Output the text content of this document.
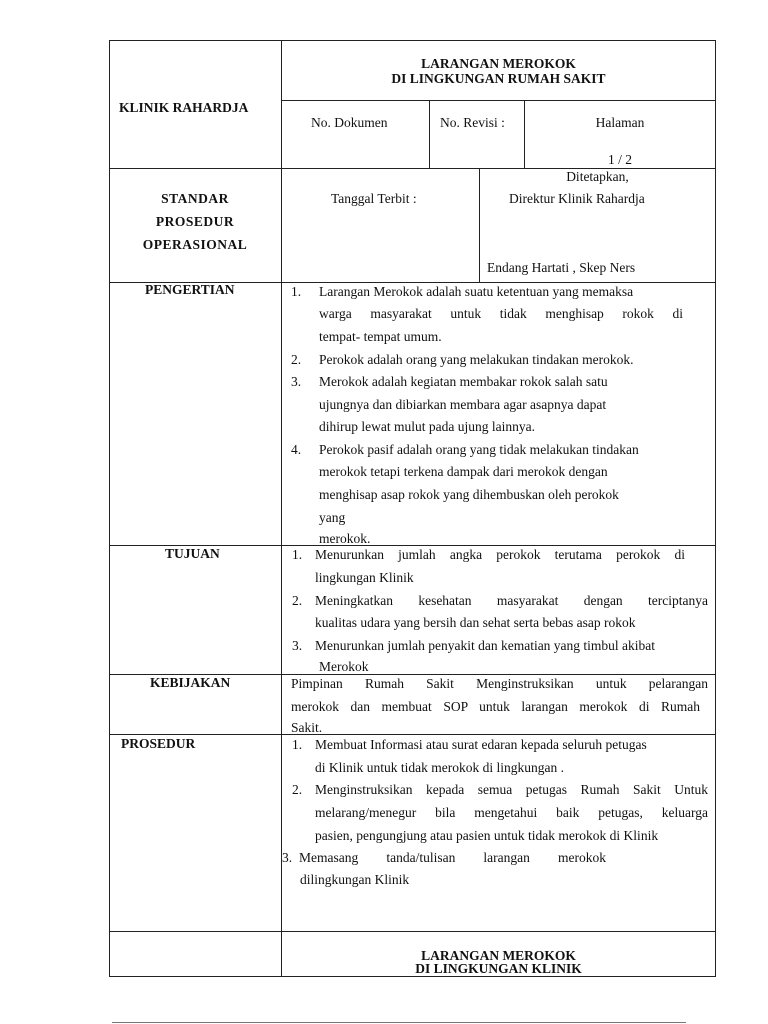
KLINIK RAHARDJA
LARANGAN MEROKOK
DI LINGKUNGAN RUMAH SAKIT
No. Dokumen	No. Revisi :	Halaman
1 / 2
STANDAR
PROSEDUR
OPERASIONAL
Tanggal Terbit :
Ditetapkan,
Direktur Klinik Rahardja
Endang Hartati , Skep Ners
PENGERTIAN	1. Larangan Merokok adalah suatu ketentuan yang memaksa
warga masyarakat untuk tidak menghisap rokok di
tempat- tempat umum.
2. Perokok adalah orang yang melakukan tindakan merokok.
3. Merokok adalah kegiatan membakar rokok salah satu
ujungnya dan dibiarkan membara agar asapnya dapat
dihirup lewat mulut pada ujung lainnya.
4. Perokok pasif adalah orang yang tidak melakukan tindakan
merokok tetapi terkena dampak dari merokok dengan
menghisap asap rokok yang dihembuskan oleh perokok
yang
merokok.
TUJUAN	1. Menurunkan jumlah angka perokok terutama perokok di
lingkungan Klinik
2. Meningkatkan kesehatan masyarakat dengan terciptanya
kualitas udara yang bersih dan sehat serta bebas asap rokok
3. Menurunkan jumlah penyakit dan kematian yang timbul akibat
Merokok
KEBIJAKAN	Pimpinan Rumah Sakit Menginstruksikan untuk pelarangan
merokok dan membuat SOP untuk larangan merokok di Rumah
Sakit.
PROSEDUR	1. Membuat Informasi atau surat edaran kepada seluruh petugas
di Klinik untuk tidak merokok di lingkungan .
2. Menginstruksikan kepada semua petugas Rumah Sakit Untuk
melarang/menegur bila mengetahui baik petugas, keluarga
pasien, pengungjung atau pasien untuk tidak merokok di Klinik
3. Memasang tanda/tulisan larangan merokok
dilingkungan Klinik
LARANGAN MEROKOK
DI LINGKUNGAN KLINIK
